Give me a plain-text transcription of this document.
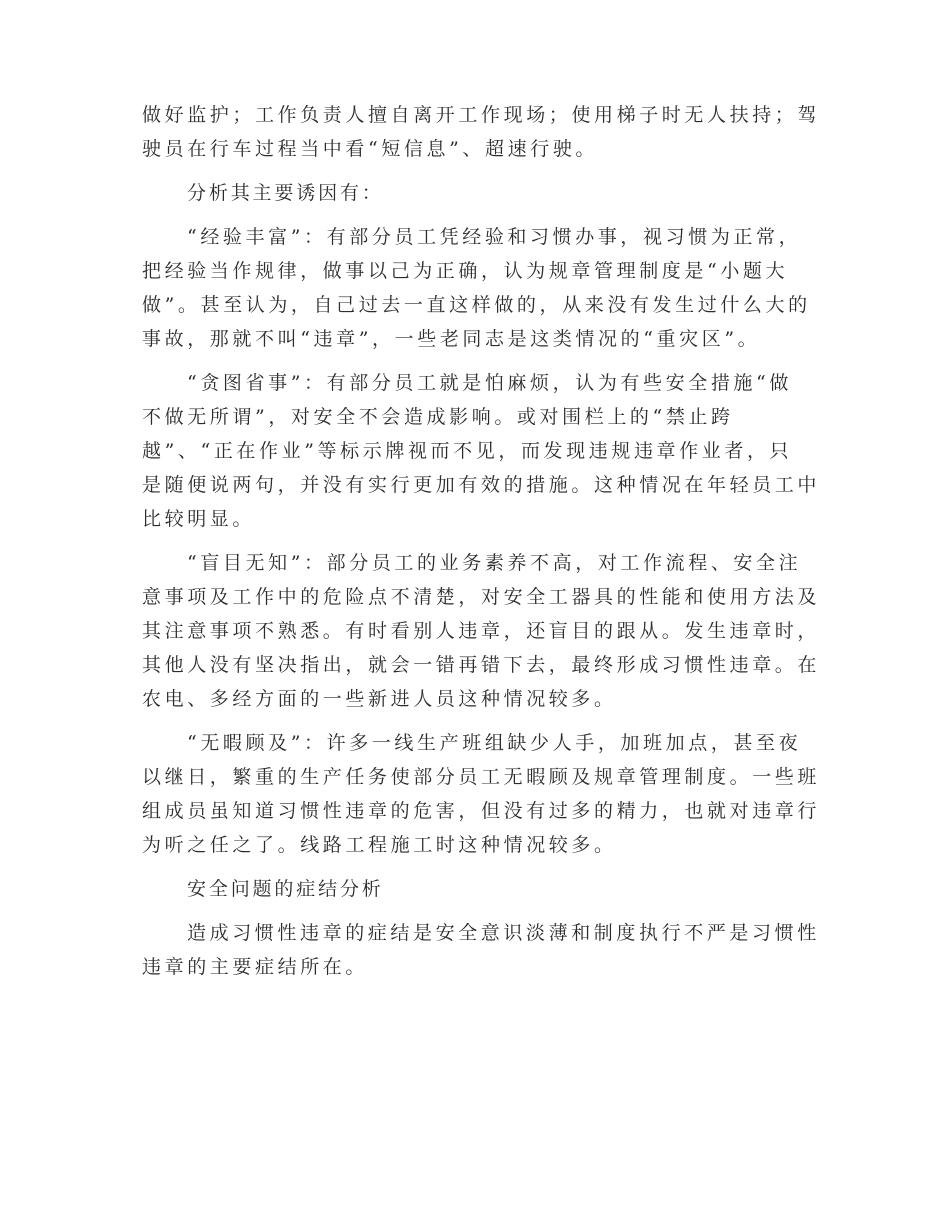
做好监护；工作负责人擅自离开工作现场；使用梯子时无人扶持；驾
驶员在行车过程当中看“短信息”、超速行驶。
分析其主要诱因有：
“经验丰富”：有部分员工凭经验和习惯办事，视习惯为正常，
把经验当作规律，做事以己为正确，认为规章管理制度是“小题大
做”。甚至认为，自己过去一直这样做的，从来没有发生过什么大的
事故，那就不叫“违章”，一些老同志是这类情况的“重灾区”。
“贪图省事”：有部分员工就是怕麻烦，认为有些安全措施“做
不做无所谓”，对安全不会造成影响。或对围栏上的“禁止跨
越”、“正在作业”等标示牌视而不见，而发现违规违章作业者，只
是随便说两句，并没有实行更加有效的措施。这种情况在年轻员工中
比较明显。
“盲目无知”：部分员工的业务素养不高，对工作流程、安全注
意事项及工作中的危险点不清楚，对安全工器具的性能和使用方法及
其注意事项不熟悉。有时看别人违章，还盲目的跟从。发生违章时，
其他人没有坚决指出，就会一错再错下去，最终形成习惯性违章。在
农电、多经方面的一些新进人员这种情况较多。
“无暇顾及”：许多一线生产班组缺少人手，加班加点，甚至夜
以继日，繁重的生产任务使部分员工无暇顾及规章管理制度。一些班
组成员虽知道习惯性违章的危害，但没有过多的精力，也就对违章行
为听之任之了。线路工程施工时这种情况较多。
安全问题的症结分析
造成习惯性违章的症结是安全意识淡薄和制度执行不严是习惯性
违章的主要症结所在。
